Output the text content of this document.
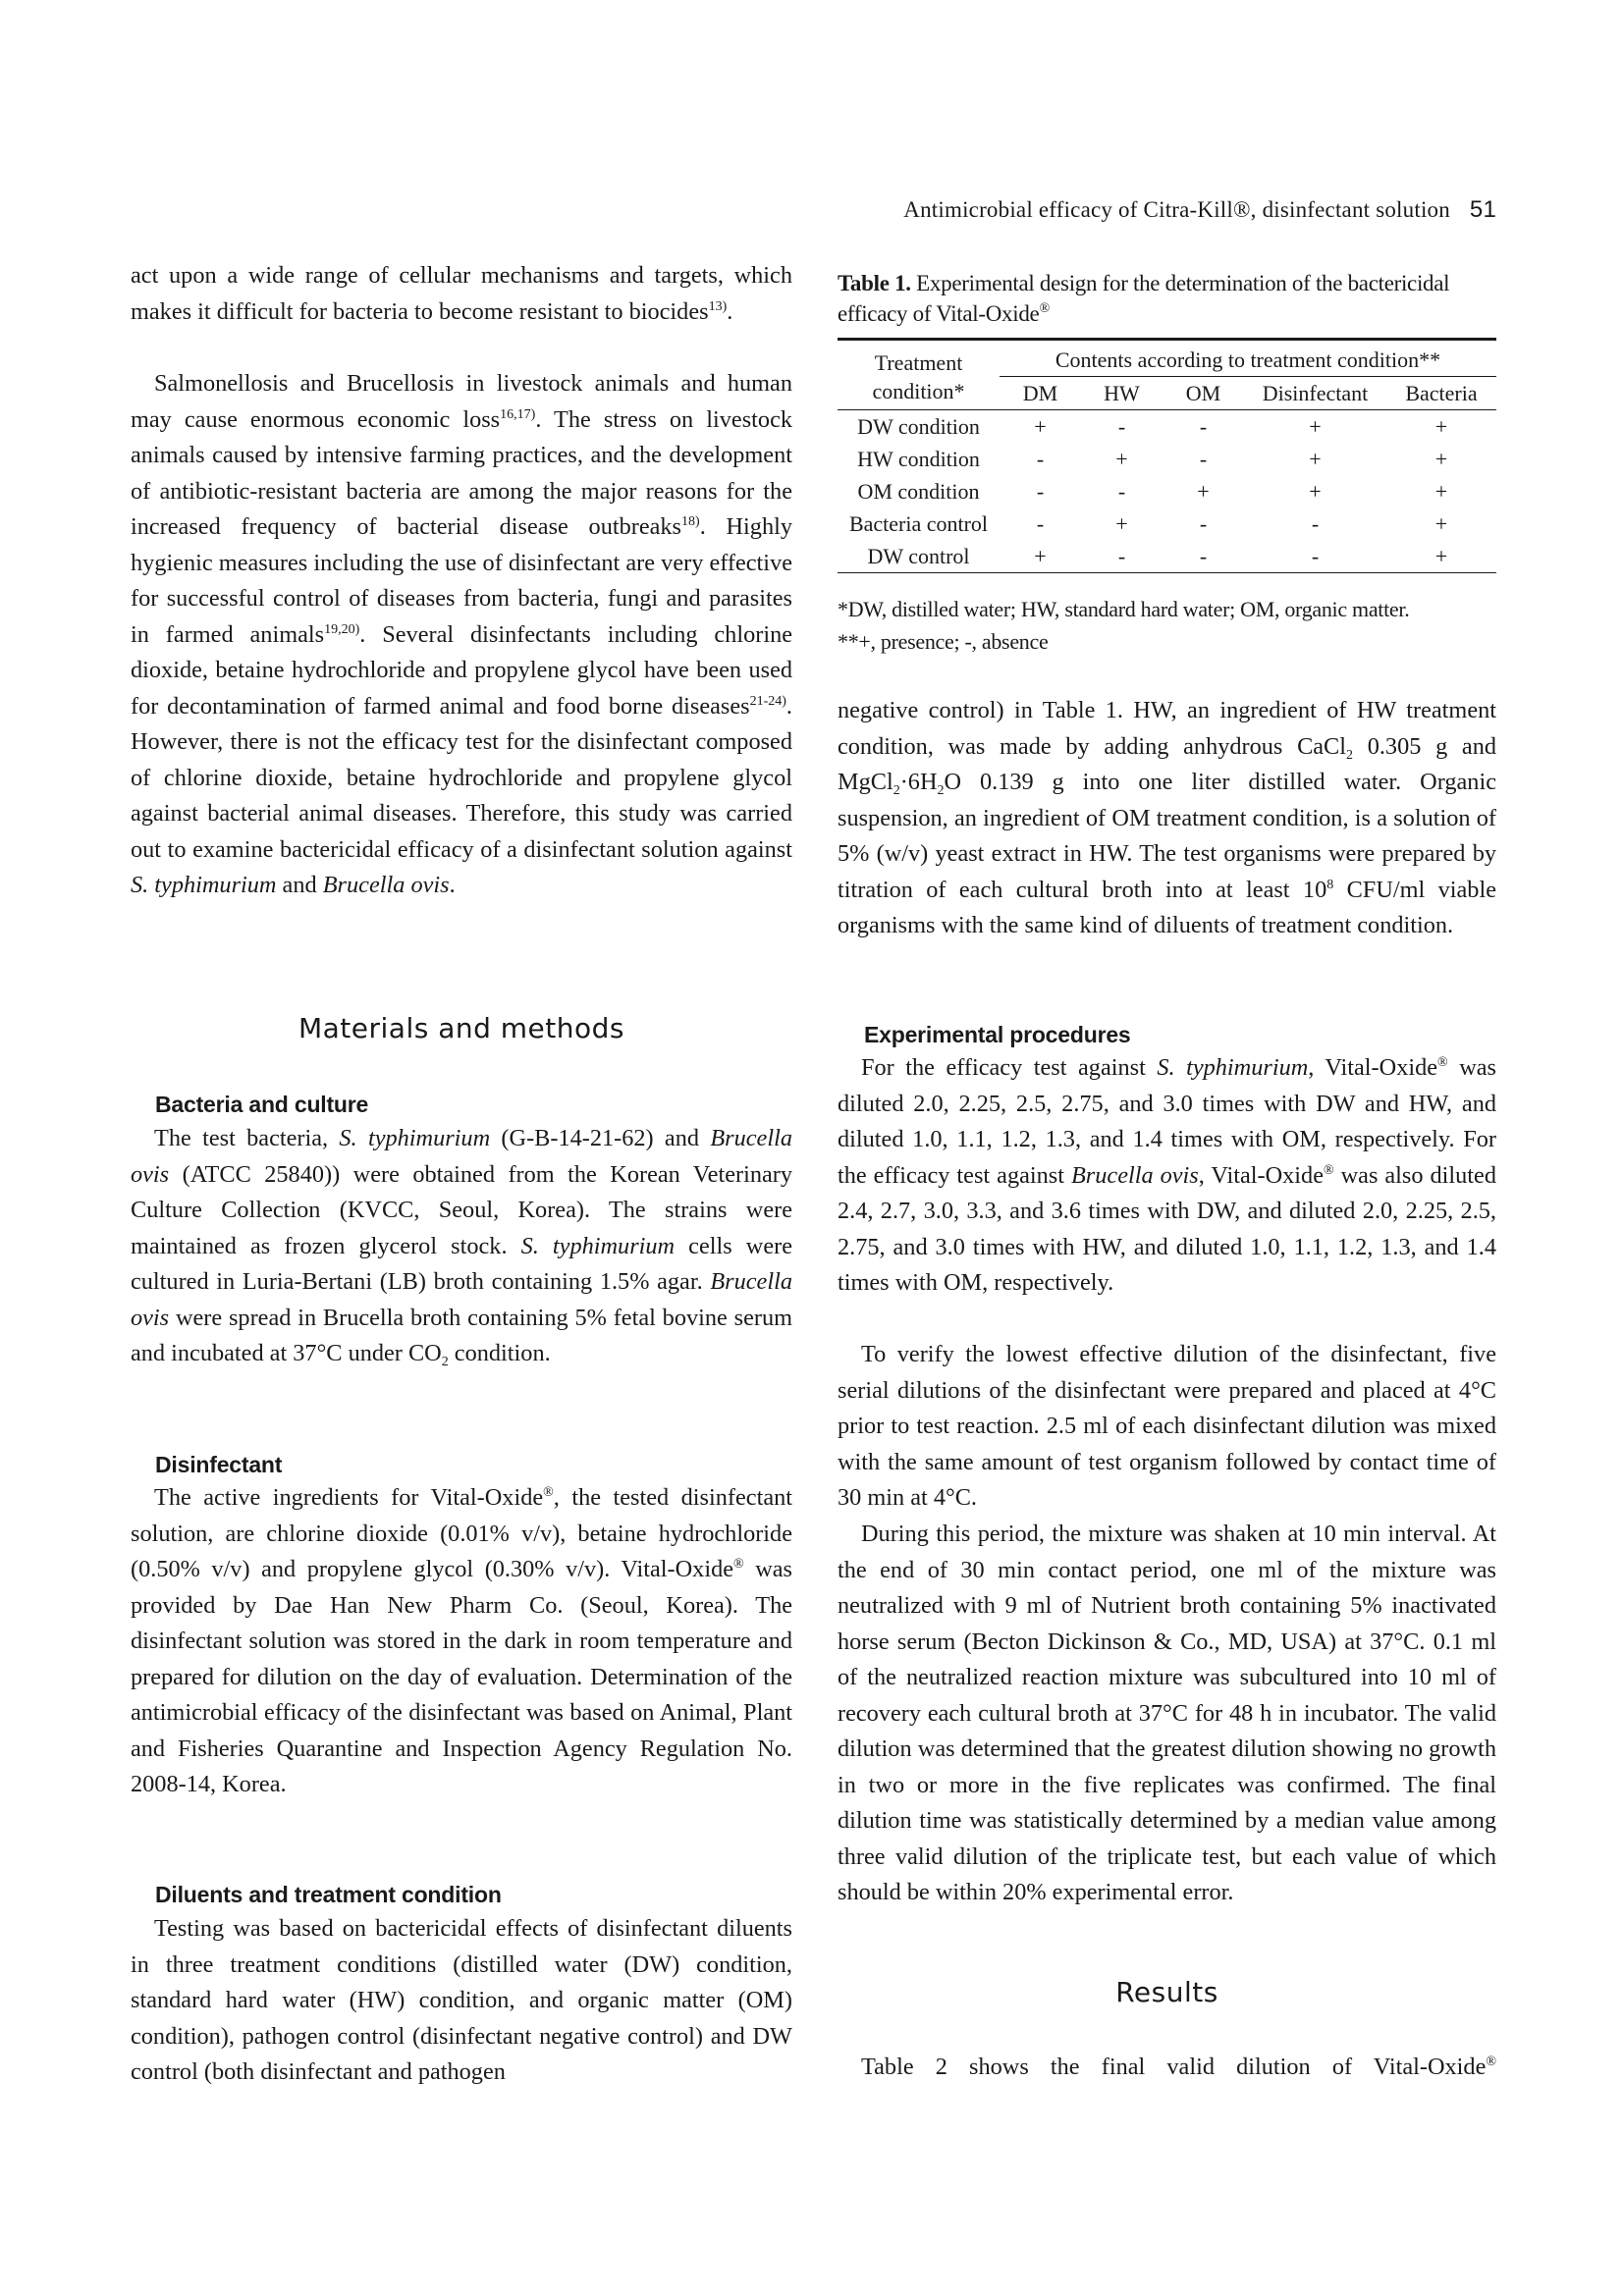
Antimicrobial efficacy of Citra-Kill®, disinfectant solution 51

act upon a wide range of cellular mechanisms and targets, which makes it difficult for bacteria to become resistant to biocides$^{13)}$.

Salmonellosis and Brucellosis in livestock animals and human may cause enormous economic loss$^{16,17)}$. The stress on livestock animals caused by intensive farming practices, and the development of antibiotic-resistant bacteria are among the major reasons for the increased frequency of bacterial disease outbreaks$^{18)}$. Highly hygienic measures including the use of disinfectant are very effective for successful control of diseases from bacteria, fungi and parasites in farmed animals$^{19,20)}$. Several disinfectants including chlorine dioxide, betaine hydrochloride and propylene glycol have been used for decontamination of farmed animal and food borne diseases$^{21-24)}$. However, there is not the efficacy test for the disinfectant composed of chlorine dioxide, betaine hydrochloride and propylene glycol against bacterial animal diseases. Therefore, this study was carried out to examine bactericidal efficacy of a disinfectant solution against S. typhimurium and Brucella ovis.

Materials and methods
Bacteria and culture

The test bacteria, S. typhimurium (G-B-14-21-62) and Brucella ovis (ATCC 25840)) were obtained from the Korean Veterinary Culture Collection (KVCC, Seoul, Korea). The strains were maintained as frozen glycerol stock. S. typhimurium cells were cultured in Luria-Bertani (LB) broth containing 1.5% agar. Brucella ovis were spread in Brucella broth containing 5% fetal bovine serum and incubated at 37°C under $CO_2$ condition.

Disinfectant

The active ingredients for Vital-Oxide®, the tested disinfectant solution, are chlorine dioxide (0.01% v/v), betaine hydrochloride (0.50% v/v) and propylene glycol (0.30% v/v). Vital-Oxide® was provided by Dae Han New Pharm Co. (Seoul, Korea). The disinfectant solution was stored in the dark in room temperature and prepared for dilution on the day of evaluation. Determination of the antimicrobial efficacy of the disinfectant was based on Animal, Plant and Fisheries Quarantine and Inspection Agency Regulation No. 2008-14, Korea.

Diluents and treatment condition

Testing was based on bactericidal effects of disinfectant diluents in three treatment conditions (distilled water (DW) condition, standard hard water (HW) condition, and organic matter (OM) condition), pathogen control (disinfectant negative control) and DW control (both disinfectant and pathogen

Table 1. Experimental design for the determination of the bactericidal efficacy of Vital-Oxide®

Treatment condition*	Contents according to treatment condition**				
	DM	HW	OM	Disinfectant	Bacteria
DW condition	+	-	-	+	+
HW condition	-	+	-	+	+
OM condition	-	-	+	+	+
Bacteria control	-	+	-	-	+
DW control	+	-	-	-	+
*DW, distilled water; HW, standard hard water; OM, organic matter.
**+, presence; -, absence

negative control) in Table 1. HW, an ingredient of HW treatment condition, was made by adding anhydrous CaCl$_2$ 0.305 g and $MgCl_2\cdot 6H_2O$ 0.139 g into one liter distilled water. Organic suspension, an ingredient of OM treatment condition, is a solution of 5% (w/v) yeast extract in HW. The test organisms were prepared by titration of each cultural broth into at least $10^8$ CFU/ml viable organisms with the same kind of diluents of treatment condition.

Experimental procedures

For the efficacy test against S. typhimurium, Vital-Oxide® was diluted 2.0, 2.25, 2.5, 2.75, and 3.0 times with DW and HW, and diluted 1.0, 1.1, 1.2, 1.3, and 1.4 times with OM, respectively. For the efficacy test against Brucella ovis, Vital-Oxide® was also diluted 2.4, 2.7, 3.0, 3.3, and 3.6 times with DW, and diluted 2.0, 2.25, 2.5, 2.75, and 3.0 times with HW, and diluted 1.0, 1.1, 1.2, 1.3, and 1.4 times with OM, respectively.

To verify the lowest effective dilution of the disinfectant, five serial dilutions of the disinfectant were prepared and placed at 4°C prior to test reaction. 2.5 ml of each disinfectant dilution was mixed with the same amount of test organism followed by contact time of 30 min at 4°C.

During this period, the mixture was shaken at 10 min interval. At the end of 30 min contact period, one ml of the mixture was neutralized with 9 ml of Nutrient broth containing 5% inactivated horse serum (Becton Dickinson & Co., MD, USA) at 37°C. 0.1 ml of the neutralized reaction mixture was subcultured into 10 ml of recovery each cultural broth at 37°C for 48 h in incubator. The valid dilution was determined that the greatest dilution showing no growth in two or more in the five replicates was confirmed. The final dilution time was statistically determined by a median value among three valid dilution of the triplicate test, but each value of which should be within 20% experimental error.

Results

Table 2 shows the final valid dilution of Vital-Oxide®
